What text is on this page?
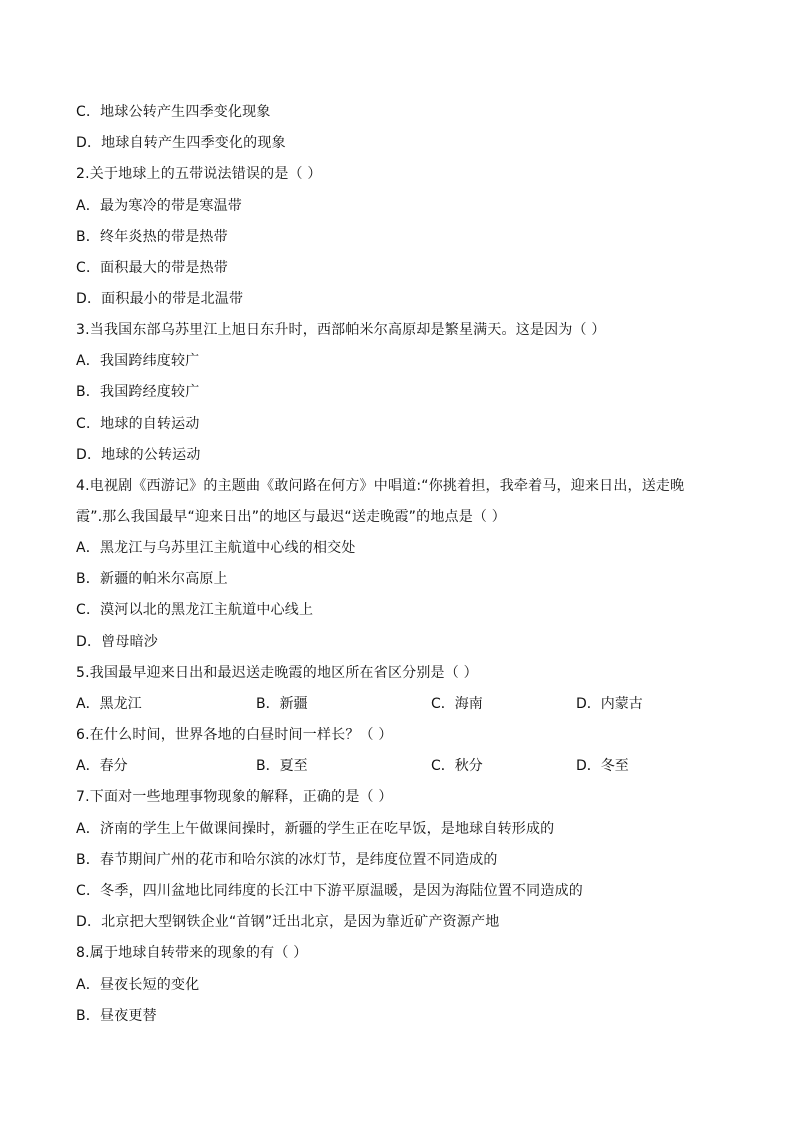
C．地球公转产生四季变化现象
D．地球自转产生四季变化的现象
2.关于地球上的五带说法错误的是（ ）
A．最为寒冷的带是寒温带
B．终年炎热的带是热带
C．面积最大的带是热带
D．面积最小的带是北温带
3.当我国东部乌苏里江上旭日东升时，西部帕米尔高原却是繁星满天。这是因为（ ）
A．我国跨纬度较广
B．我国跨经度较广
C．地球的自转运动
D．地球的公转运动
4.电视剧《西游记》的主题曲《敢问路在何方》中唱道:“你挑着担，我牵着马，迎来日出，送走晚
霞”.那么我国最早“迎来日出”的地区与最迟“送走晚霞”的地点是（ ）
A．黑龙江与乌苏里江主航道中心线的相交处
B．新疆的帕米尔高原上
C．漠河以北的黑龙江主航道中心线上
D．曾母暗沙
5.我国最早迎来日出和最迟送走晚霞的地区所在省区分别是（ ）
A．黑龙江	B．新疆	C．海南	D．内蒙古
6.在什么时间，世界各地的白昼时间一样长？（ ）
A．春分	B．夏至	C．秋分	D．冬至
7.下面对一些地理事物现象的解释，正确的是（ ）
A．济南的学生上午做课间操时，新疆的学生正在吃早饭，是地球自转形成的
B．春节期间广州的花市和哈尔滨的冰灯节，是纬度位置不同造成的
C．冬季，四川盆地比同纬度的长江中下游平原温暖，是因为海陆位置不同造成的
D．北京把大型钢铁企业“首钢”迁出北京，是因为靠近矿产资源产地
8.属于地球自转带来的现象的有（ ）
A．昼夜长短的变化
B．昼夜更替
